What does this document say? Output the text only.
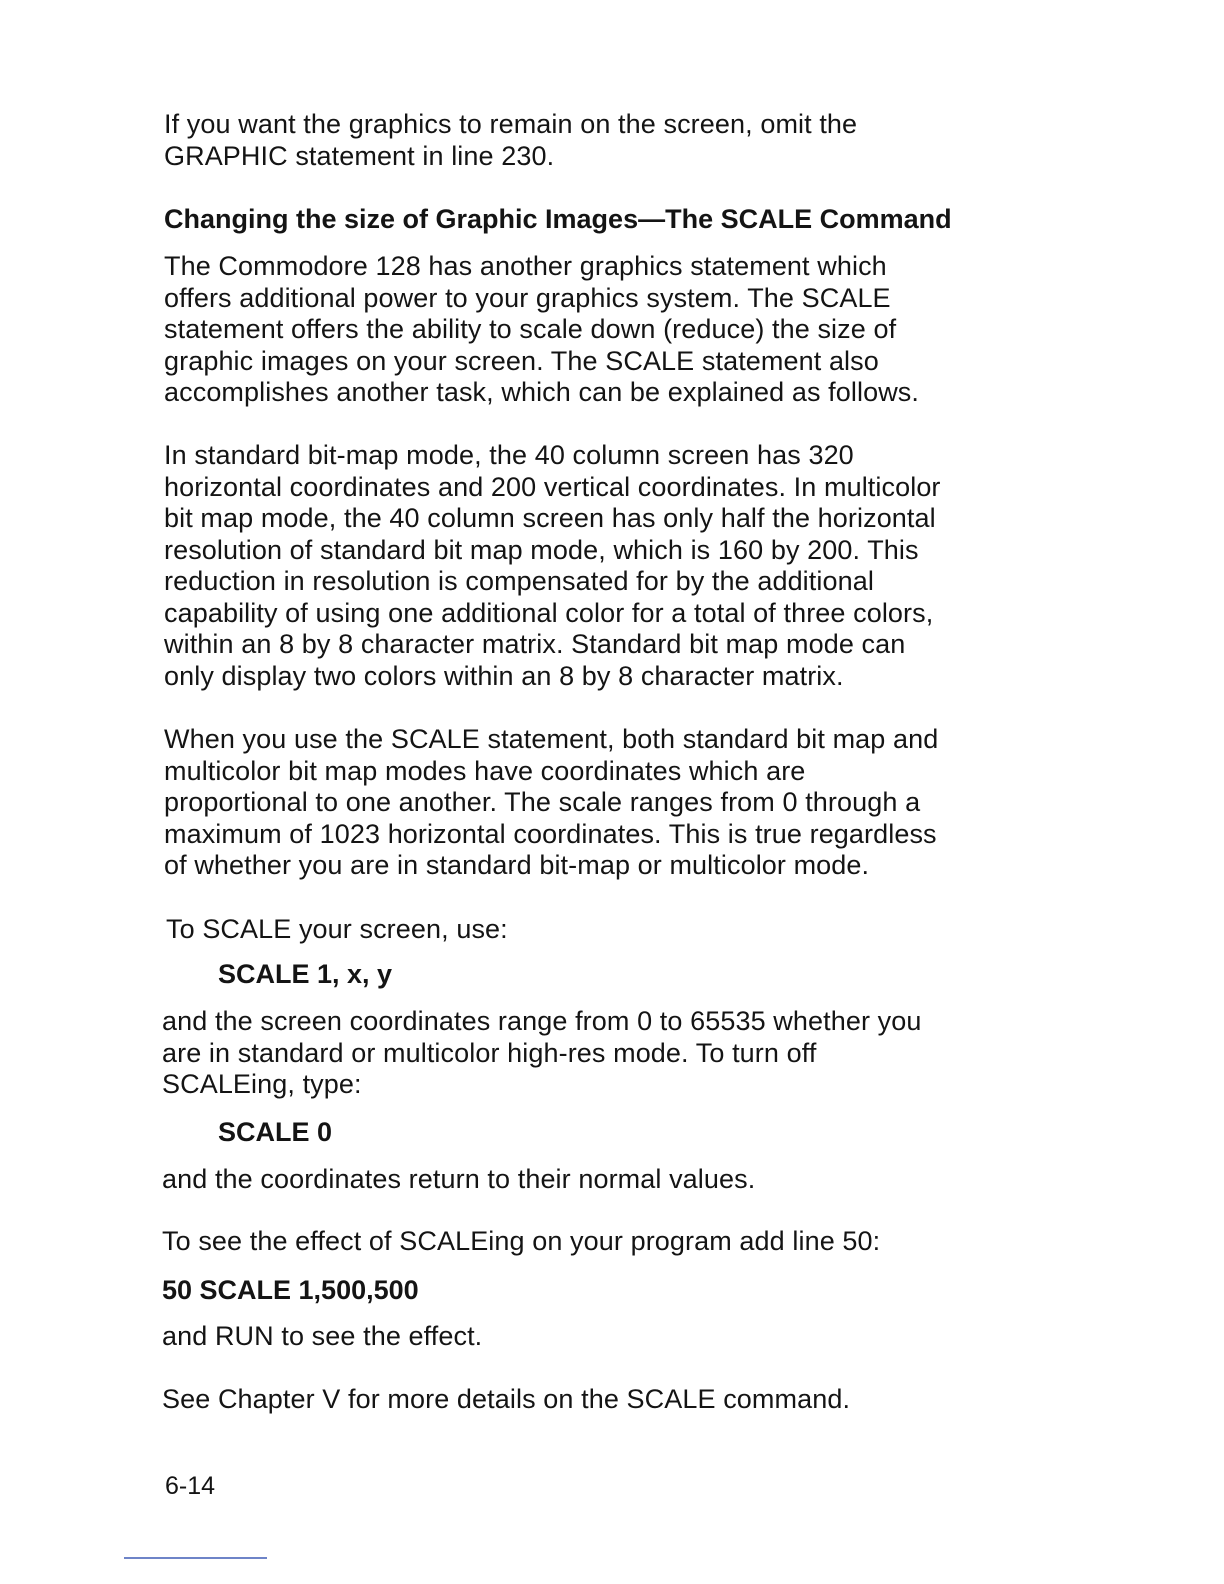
If you want the graphics to remain on the screen, omit the
GRAPHIC statement in line 230.

Changing the size of Graphic Images—The SCALE Command

The Commodore 128 has another graphics statement which
offers additional power to your graphics system. The SCALE
statement offers the ability to scale down (reduce) the size of
graphic images on your screen. The SCALE statement also
accomplishes another task, which can be explained as follows.

In standard bit-map mode, the 40 column screen has 320
horizontal coordinates and 200 vertical coordinates. In multicolor
bit map mode, the 40 column screen has only half the horizontal
resolution of standard bit map mode, which is 160 by 200. This
reduction in resolution is compensated for by the additional
capability of using one additional color for a total of three colors,
within an 8 by 8 character matrix. Standard bit map mode can
only display two colors within an 8 by 8 character matrix.

When you use the SCALE statement, both standard bit map and
multicolor bit map modes have coordinates which are
proportional to one another. The scale ranges from 0 through a
maximum of 1023 horizontal coordinates. This is true regardless
of whether you are in standard bit-map or multicolor mode.

To SCALE your screen, use:

SCALE 1, x, y

and the screen coordinates range from 0 to 65535 whether you
are in standard or multicolor high-res mode. To turn off
SCALEing, type:

SCALE 0

and the coordinates return to their normal values.

To see the effect of SCALEing on your program add line 50:

50 SCALE 1,500,500

and RUN to see the effect.

See Chapter V for more details on the SCALE command.

6-14
